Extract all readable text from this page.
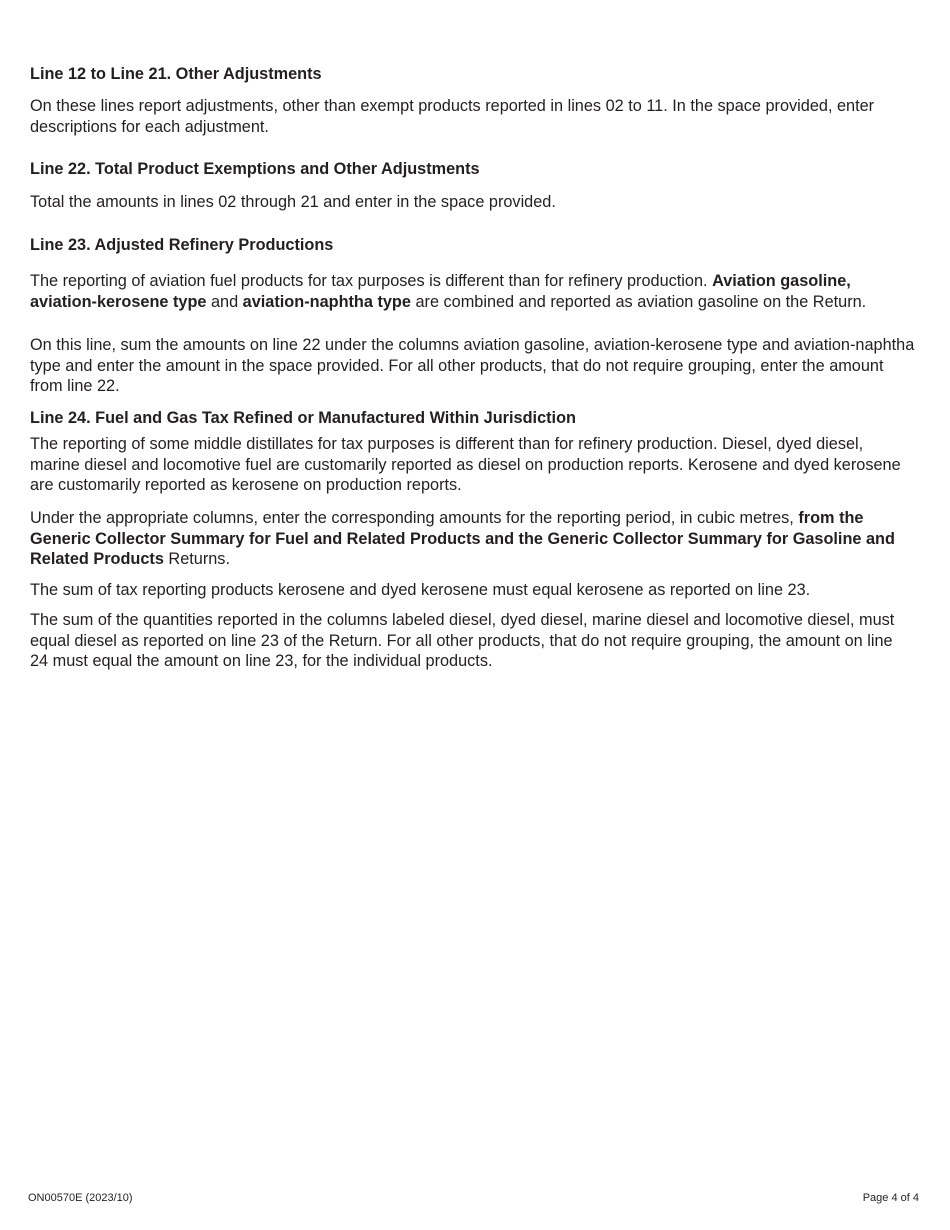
Line 12 to Line 21. Other Adjustments

On these lines report adjustments, other than exempt products reported in lines 02 to 11. In the space provided, enter descriptions for each adjustment.

Line 22. Total Product Exemptions and Other Adjustments

Total the amounts in lines 02 through 21 and enter in the space provided.

Line 23. Adjusted Refinery Productions

The reporting of aviation fuel products for tax purposes is different than for refinery production. Aviation gasoline, aviation-kerosene type and aviation-naphtha type are combined and reported as aviation gasoline on the Return.

On this line, sum the amounts on line 22 under the columns aviation gasoline, aviation-kerosene type and aviation-naphtha type and enter the amount in the space provided. For all other products, that do not require grouping, enter the amount from line 22.

Line 24. Fuel and Gas Tax Refined or Manufactured Within Jurisdiction

The reporting of some middle distillates for tax purposes is different than for refinery production. Diesel, dyed diesel, marine diesel and locomotive fuel are customarily reported as diesel on production reports. Kerosene and dyed kerosene are customarily reported as kerosene on production reports.

Under the appropriate columns, enter the corresponding amounts for the reporting period, in cubic metres, from the Generic Collector Summary for Fuel and Related Products and the Generic Collector Summary for Gasoline and Related Products Returns.

The sum of tax reporting products kerosene and dyed kerosene must equal kerosene as reported on line 23.

The sum of the quantities reported in the columns labeled diesel, dyed diesel, marine diesel and locomotive diesel, must equal diesel as reported on line 23 of the Return. For all other products, that do not require grouping, the amount on line 24 must equal the amount on line 23, for the individual products.

ON00570E (2023/10)	Page 4 of 4
